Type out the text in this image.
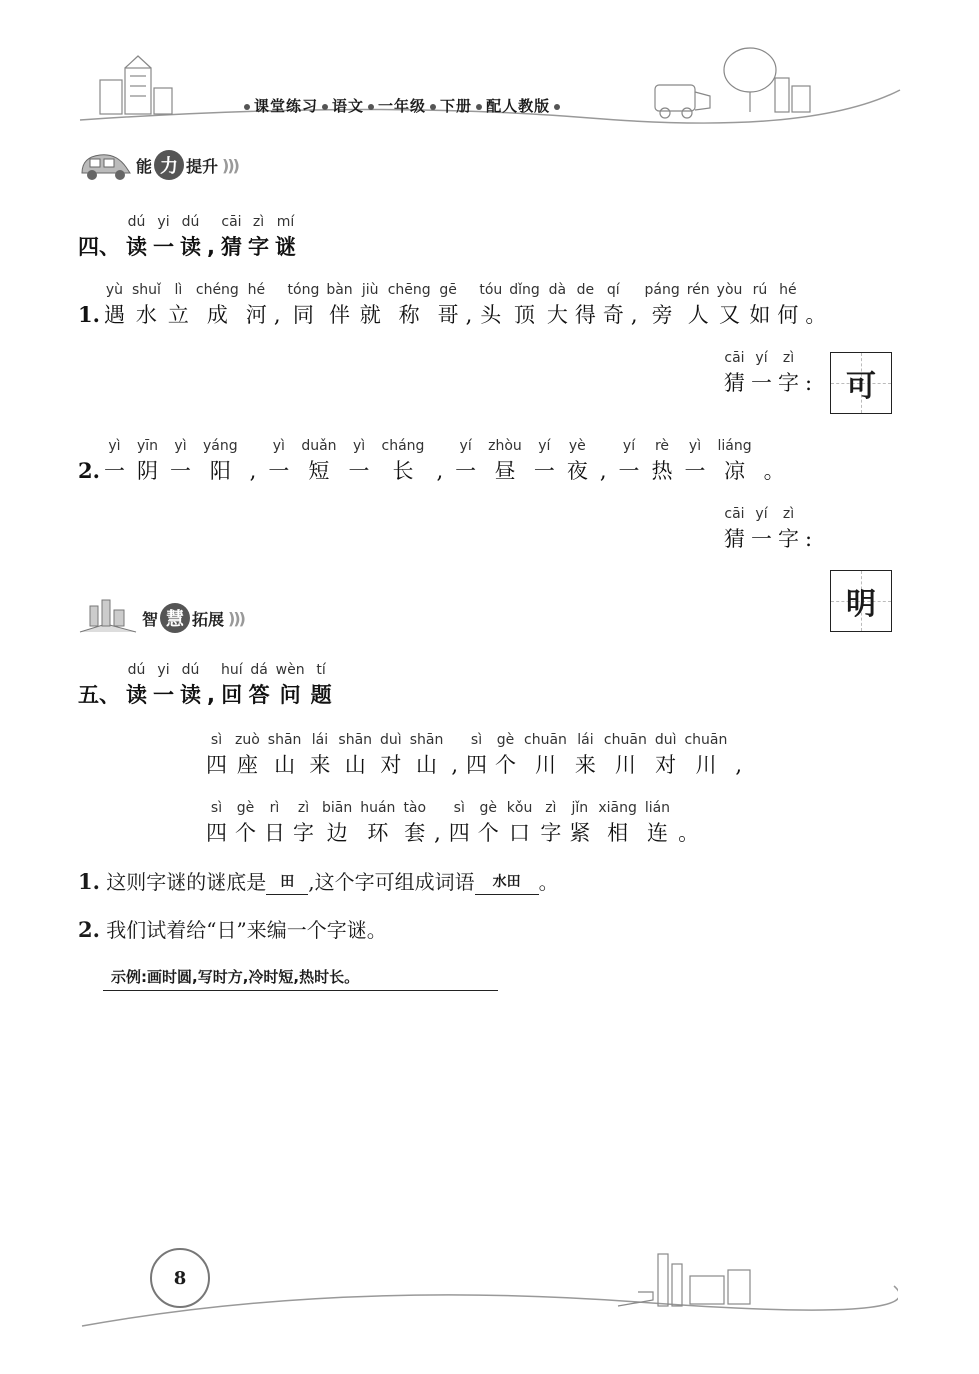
课堂练习 语文 一年级 下册 配人教版
能 力 提升 )))
四、
dú
读
yi
一
dú
读 ,
cāi
猜
zì
字
mí
谜
1.
yù
遇
shuǐ
水
lì
立
chéng
成
hé
河 ,
tóng
同
bàn
伴
jiù
就
chēng
称
gē
哥 ,
tóu
头
dǐng
顶
dà
大
de
得
qí
奇 ,
páng
旁
rén
人
yòu
又
rú
如
hé
何 。
cāi
猜
yí
一
zì
字 : 可
2.
yì
一
yīn
阴
yì
一
yáng
阳 ,
yì
一
duǎn
短
yì
一
cháng
长 ,
yí
一
zhòu
昼
yí
一
yè
夜 ,
yí
一
rè
热
yì
一
liáng
凉 。
cāi
猜
yí
一
zì
字 :
明
智 慧 拓展 )))
五、
dú
读
yi
一
dú
读 ,
huí
回
dá
答
wèn
问
tí
题
sì
四
zuò
座
shān
山
lái
来
shān
山
duì
对
shān
山 ,
sì
四
gè
个
chuān
川
lái
来
chuān
川
duì
对
chuān
川 ,
sì
四
gè
个
rì
日
zì
字
biān
边
huán
环
tào
套 ,
sì
四
gè
个
kǒu
口
zì
字
jǐn
紧
xiāng
相
lián
连 。
1. 这则字谜的谜底是 田 ,这个字可组成词语 水田 。
2. 我们试着给“日”来编一个字谜。
示例:画时圆,写时方,冷时短,热时长。
8
